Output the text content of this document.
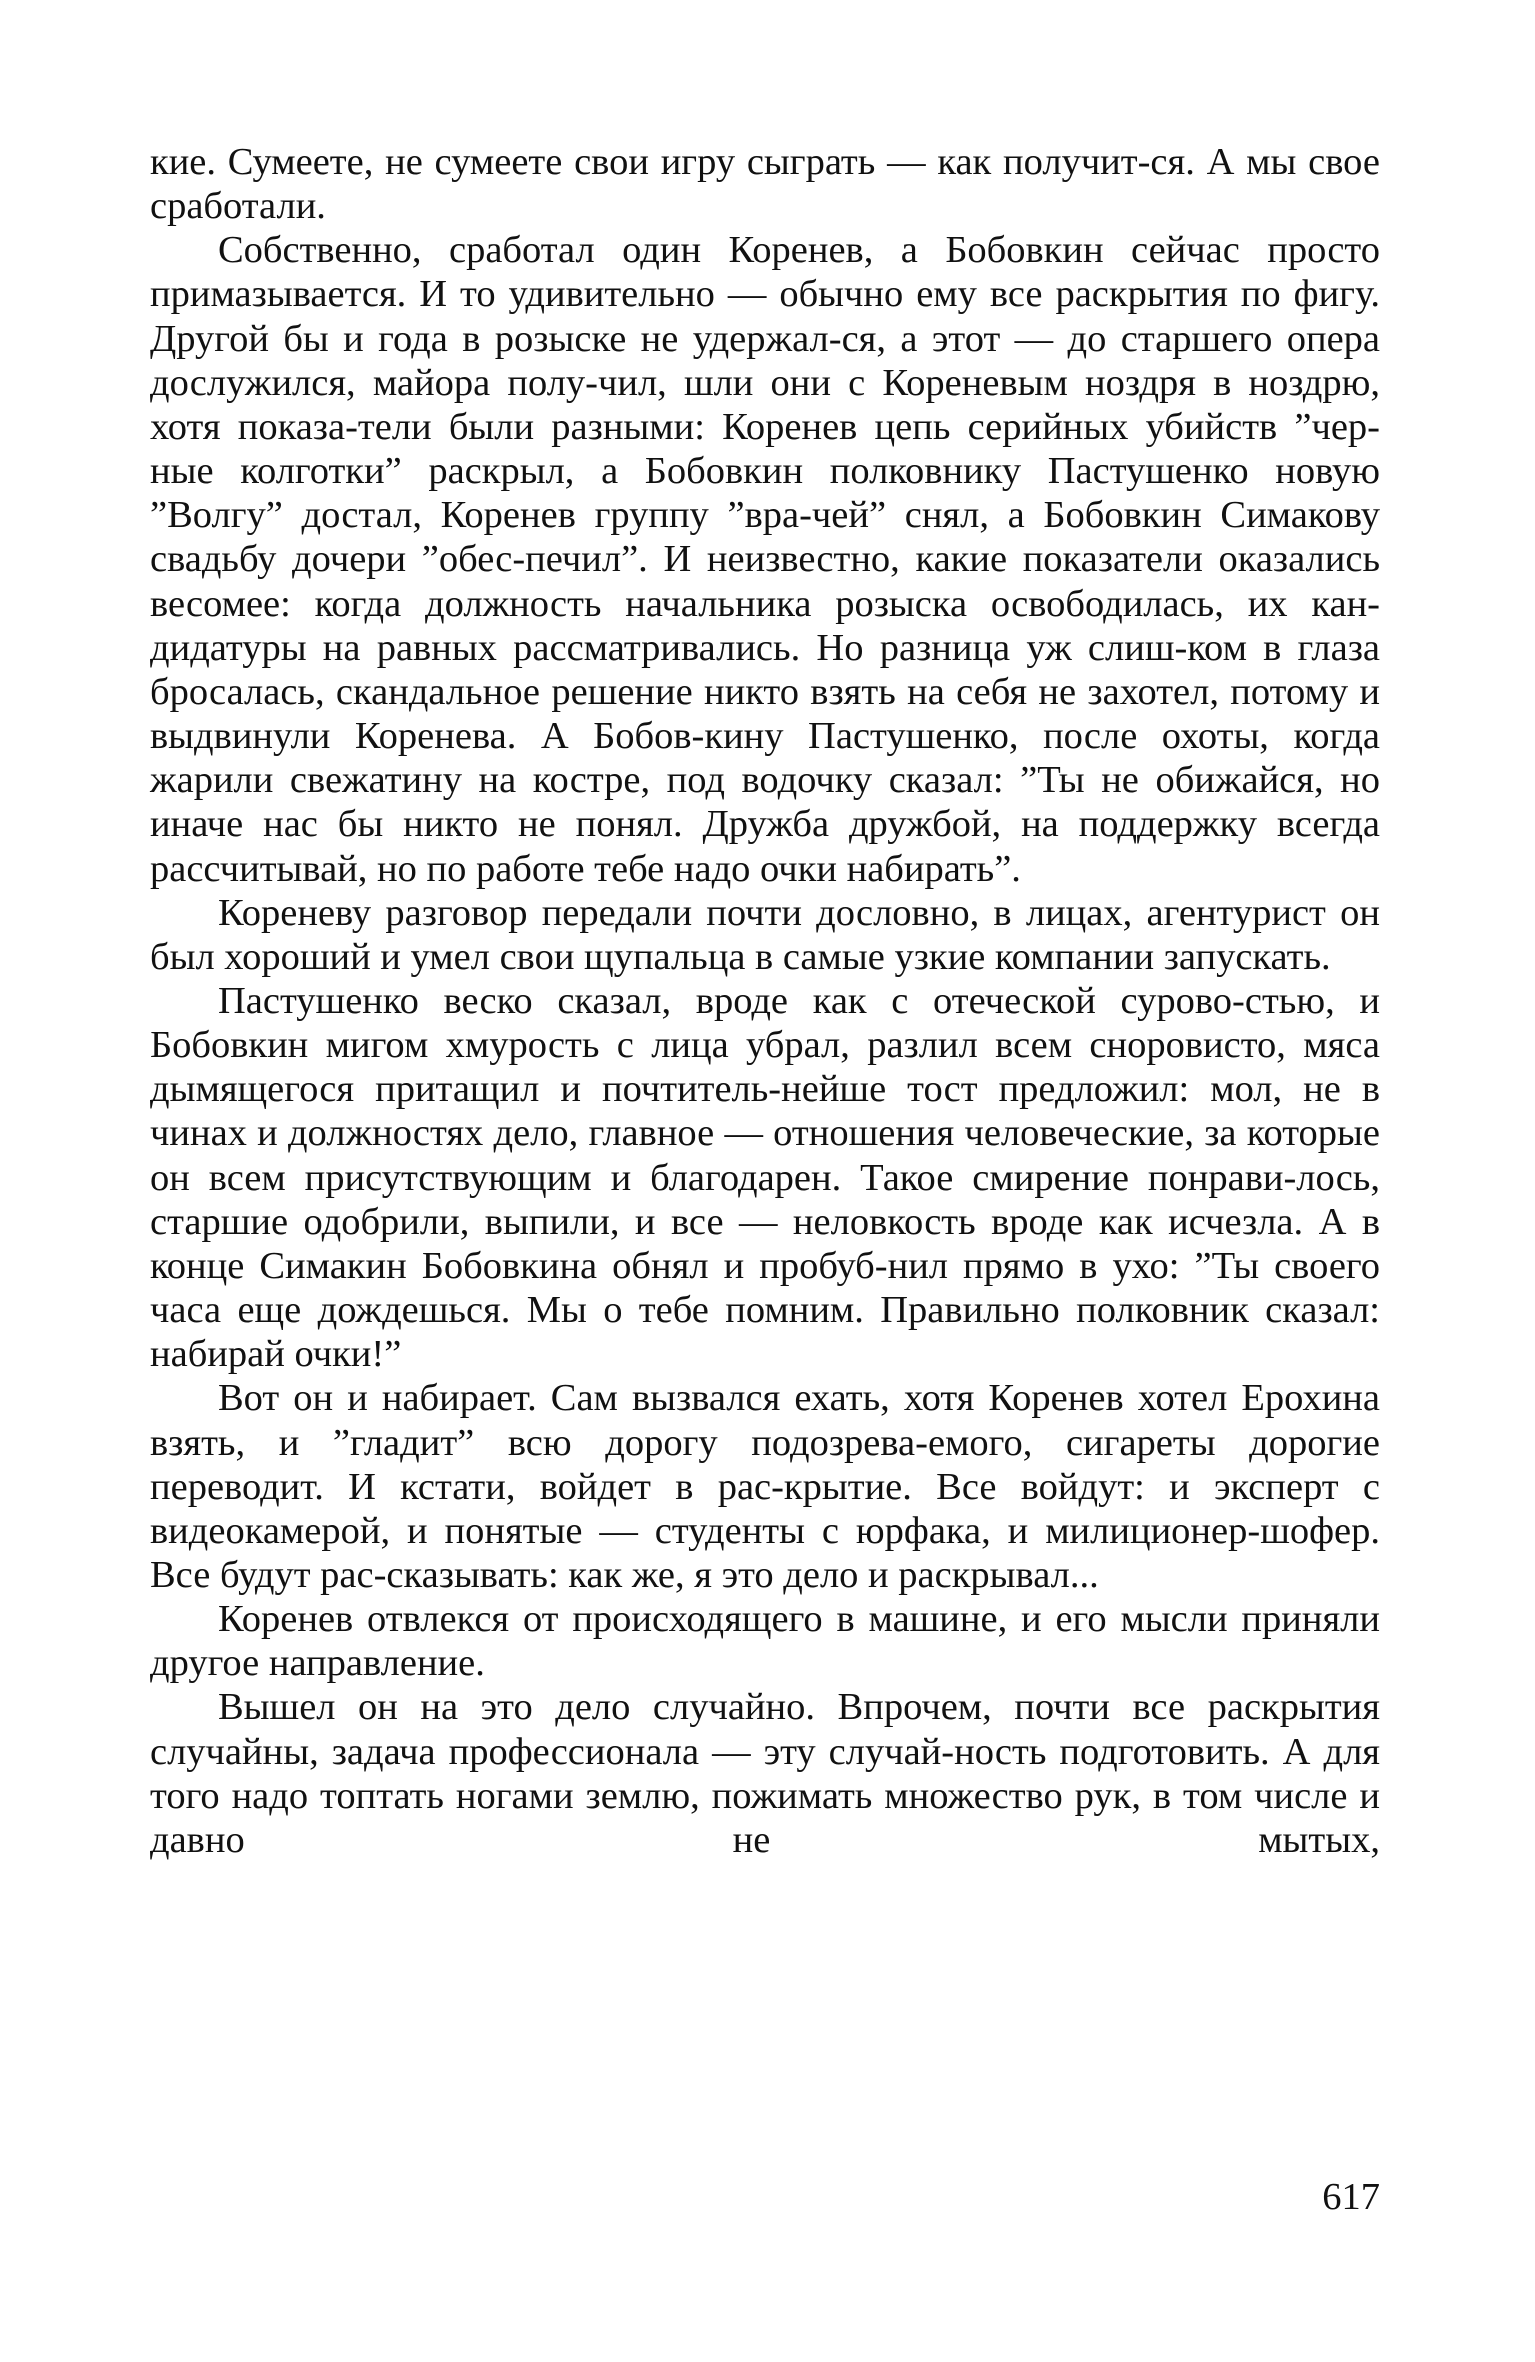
кие. Сумеете, не сумеете свои игру сыграть — как получит-ся. А мы свое сработали.

Собственно, сработал один Коренев, а Бобовкин сейчас просто примазывается. И то удивительно — обычно ему все раскрытия по фигу. Другой бы и года в розыске не удержал-ся, а этот — до старшего опера дослужился, майора полу-чил, шли они с Кореневым ноздря в ноздрю, хотя показа-тели были разными: Коренев цепь серийных убийств ”чер-ные колготки” раскрыл, а Бобовкин полковнику Пастушенко новую ”Волгу” достал, Коренев группу ”вра-чей” снял, а Бобовкин Симакову свадьбу дочери ”обес-печил”. И неизвестно, какие показатели оказались весомее: когда должность начальника розыска освободилась, их кан-дидатуры на равных рассматривались. Но разница уж слиш-ком в глаза бросалась, скандальное решение никто взять на себя не захотел, потому и выдвинули Коренева. А Бобов-кину Пастушенко, после охоты, когда жарили свежатину на костре, под водочку сказал: ”Ты не обижайся, но иначе нас бы никто не понял. Дружба дружбой, на поддержку всегда рассчитывай, но по работе тебе надо очки набирать”.

Кореневу разговор передали почти дословно, в лицах, агентурист он был хороший и умел свои щупальца в самые узкие компании запускать.

Пастушенко веско сказал, вроде как с отеческой сурово-стью, и Бобовкин мигом хмурость с лица убрал, разлил всем сноровисто, мяса дымящегося притащил и почтитель-нейше тост предложил: мол, не в чинах и должностях дело, главное — отношения человеческие, за которые он всем присутствующим и благодарен. Такое смирение понрави-лось, старшие одобрили, выпили, и все — неловкость вроде как исчезла. А в конце Симакин Бобовкина обнял и пробуб-нил прямо в ухо: ”Ты своего часа еще дождешься. Мы о тебе помним. Правильно полковник сказал: набирай очки!”

Вот он и набирает. Сам вызвался ехать, хотя Коренев хотел Ерохина взять, и ”гладит” всю дорогу подозрева-емого, сигареты дорогие переводит. И кстати, войдет в рас-крытие. Все войдут: и эксперт с видеокамерой, и понятые — студенты с юрфака, и милиционер-шофер. Все будут рас-сказывать: как же, я это дело и раскрывал...

Коренев отвлекся от происходящего в машине, и его мысли приняли другое направление.

Вышел он на это дело случайно. Впрочем, почти все раскрытия случайны, задача профессионала — эту случай-ность подготовить. А для того надо топтать ногами землю, пожимать множество рук, в том числе и давно не мытых,

617
